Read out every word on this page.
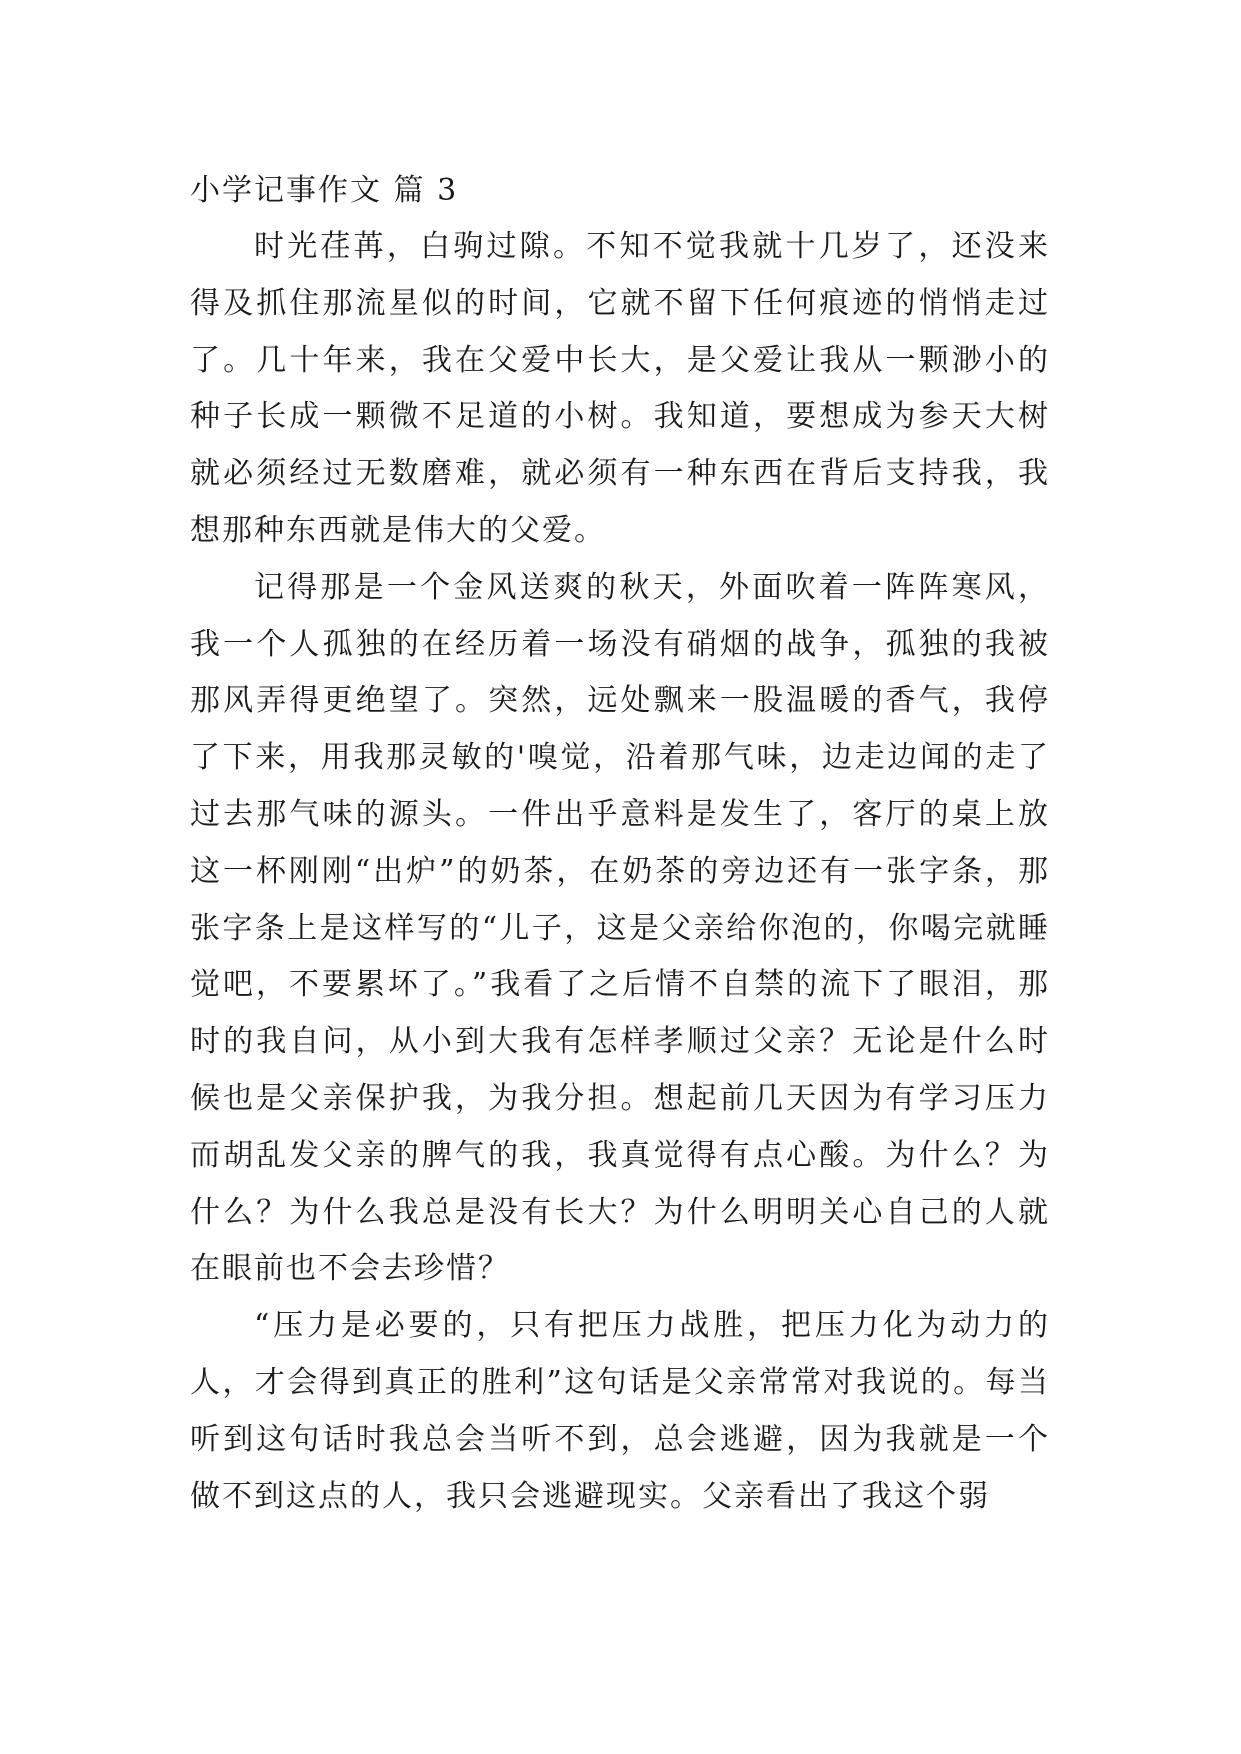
小学记事作文 篇 3

时光荏苒，白驹过隙。不知不觉我就十几岁了，还没来得及抓住那流星似的时间，它就不留下任何痕迹的悄悄走过了。几十年来，我在父爱中长大，是父爱让我从一颗渺小的种子长成一颗微不足道的小树。我知道，要想成为参天大树就必须经过无数磨难，就必须有一种东西在背后支持我，我想那种东西就是伟大的父爱。

记得那是一个金风送爽的秋天，外面吹着一阵阵寒风，我一个人孤独的在经历着一场没有硝烟的战争，孤独的我被那风弄得更绝望了。突然，远处飘来一股温暖的香气，我停了下来，用我那灵敏的'嗅觉，沿着那气味，边走边闻的走了过去那气味的源头。一件出乎意料是发生了，客厅的桌上放这一杯刚刚“出炉”的奶茶，在奶茶的旁边还有一张字条，那张字条上是这样写的“儿子，这是父亲给你泡的，你喝完就睡觉吧，不要累坏了。”我看了之后情不自禁的流下了眼泪，那时的我自问，从小到大我有怎样孝顺过父亲？无论是什么时候也是父亲保护我，为我分担。想起前几天因为有学习压力而胡乱发父亲的脾气的我，我真觉得有点心酸。为什么？为什么？为什么我总是没有长大？为什么明明关心自己的人就在眼前也不会去珍惜？

“压力是必要的，只有把压力战胜，把压力化为动力的人，才会得到真正的胜利”这句话是父亲常常对我说的。每当听到这句话时我总会当听不到，总会逃避，因为我就是一个做不到这点的人，我只会逃避现实。父亲看出了我这个弱
